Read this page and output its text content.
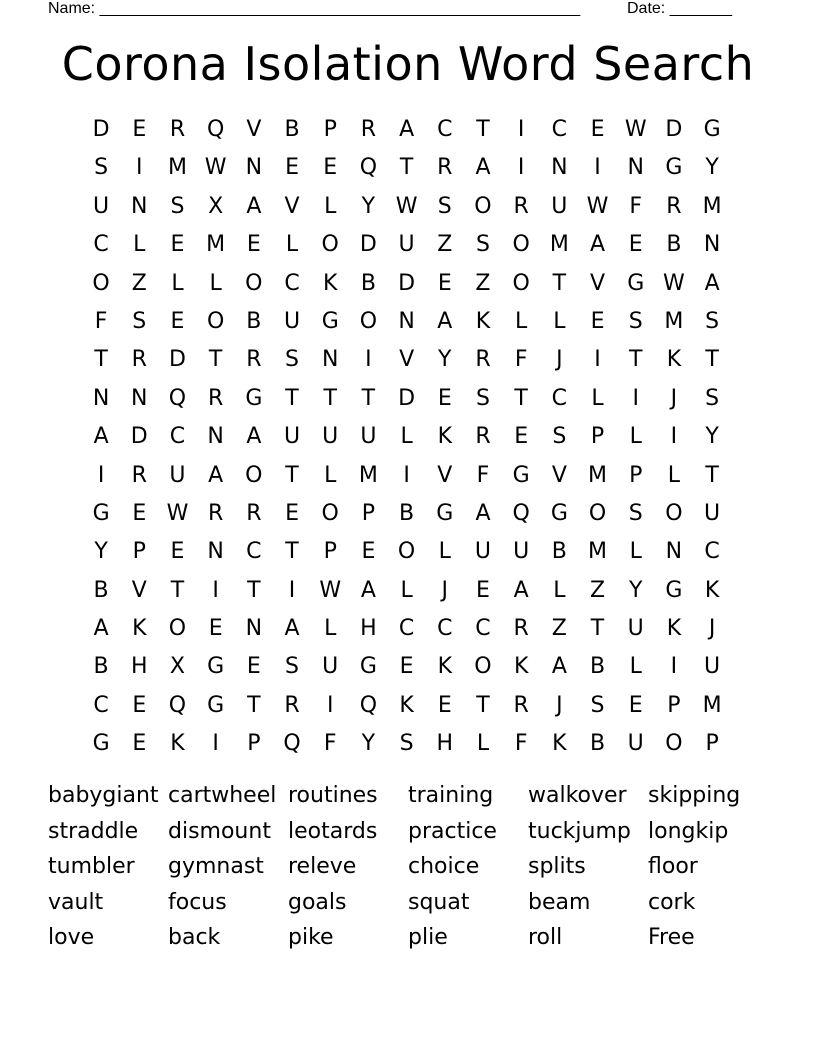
Name: ______________________________________________________	Date: _______
Corona Isolation Word Search
D	E	R Q	V	B	P	R	A	C	T	I	C	E W D G
S	I	M W N	E	E	Q	T	R	A	I	N	I	N G	Y
U N	S	X	A	V	L	Y W S	O R	U W F	R M
C	L	E M E	L	O D U	Z	S	O M A	E	B	N
O Z	L	L	O C	K	B	D	E	Z O	T	V	G W A
F	S	E	O B	U G O N	A	K	L	L	E	S M S
T	R	D	T	R	S	N	I	V	Y	R	F	J	I	T	K	T
N N Q R	G	T	T	T	D	E	S	T	C	L	I	J	S
A	D	C	N	A	U	U	U	L	K	R	E	S	P	L	I	Y
I	R	U	A O	T	L	M	I	V	F	G	V M	P	L	T
G	E W R	R	E	O	P	B	G	A Q G O	S	O U
Y	P	E	N	C	T	P	E	O	L	U	U	B M	L	N	C
B	V	T	I	T	I	W A	L	J	E	A	L	Z	Y	G	K
A	K	O	E	N	A	L	H	C	C	C	R	Z	T	U	K	J
B	H	X	G	E	S	U G	E	K	O	K	A	B	L	I	U
C	E	Q G	T	R	I	Q	K	E	T	R	J	S	E	P	M
G	E	K	I	P	Q	F	Y	S	H	L	F	K	B	U O	P
babygiant cartwheel routines	training	walkover skipping
straddle	dismount leotards	practice	tuckjump longkip
tumbler	gymnast	releve	choice	splits	floor
vault	focus	goals	squat	beam	cork
love	back	pike	plie	roll	Free
